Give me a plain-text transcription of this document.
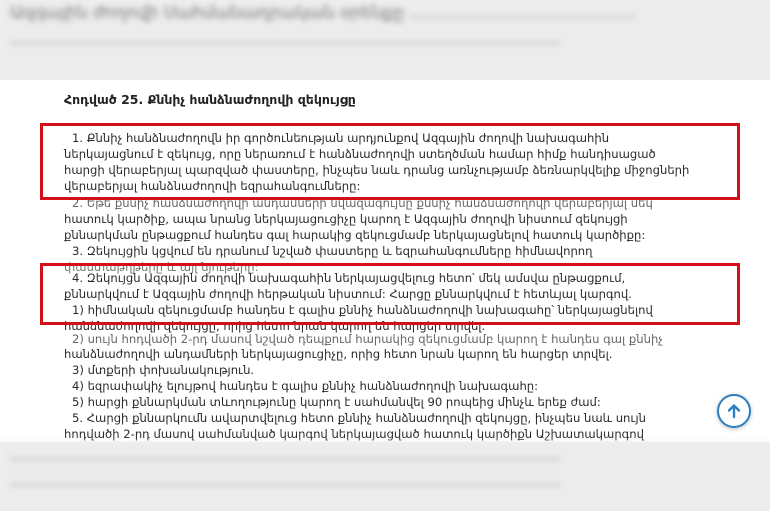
Ազգային ժողովի Սահմանադրական օրենքը ..........................................

......................................................................................................

Հոդված 25. Քննիչ հանձնաժողովի զեկույցը
1. Քննիչ հանձնաժողովն իր գործունեության արդյունքով Ազգային ժողովի նախագահին
ներկայացնում է զեկույց, որը ներառում է հանձնաժողովի ստեղծման համար հիմք հանդիսացած
հարցի վերաբերյալ պարզված փաստերը, ինչպես նաև դրանց առնչությամբ ձեռնարկվելիք միջոցների
վերաբերյալ հանձնաժողովի եզրահանգումները:
2. Եթե քննիչ հանձնաժողովի անդամների նվազագույնը քննիչ հանձնաժողովի վերաբերյալ մեկ
հատուկ կարծիք, ապա նրանց ներկայացուցիչը կարող է Ազգային ժողովի նիստում զեկույցի
քննարկման ընթացքում հանդես գալ հարակից զեկուցմամբ ներկայացնելով հատուկ կարծիքը:
3. Զեկույցին կցվում են դրանում նշված փաստերը և եզրահանգումները հիմնավորող
փաստաթղթերը և այլ նյութերը:
4. Զեկույցն Ազգային ժողովի նախագահին ներկայացվելուց հետո՝ մեկ ամսվա ընթացքում,
քննարկվում է Ազգային ժողովի հերթական նիստում: Հարցը քննարկվում է հետևյալ կարգով.
1) հիմնական զեկուցմամբ հանդես է գալիս քննիչ հանձնաժողովի նախագահը՝ ներկայացնելով
հանձնաժողովի զեկույցը, որից հետո նրան կարող են հարցեր տրվել.
2) սույն հոդվածի 2-րդ մասով նշված դեպքում հարակից զեկուցմամբ կարող է հանդես գալ քննիչ
հանձնաժողովի անդամների ներկայացուցիչը, որից հետո նրան կարող են հարցեր տրվել.
3) մտքերի փոխանակություն.
4) եզրափակիչ ելույթով հանդես է գալիս քննիչ հանձնաժողովի նախագահը:
5) հարցի քննարկման տևողությունը կարող է սահմանվել 90 րոպեից մինչև երեք ժամ:
5. Հարցի քննարկումն ավարտվելուց հետո քննիչ հանձնաժողովի զեկույցը, ինչպես նաև սույն
հոդվածի 2-րդ մասով սահմանված կարգով ներկայացված հատուկ կարծիքն Աշխատակարգով

......................................................................................................

......................................................................................................
